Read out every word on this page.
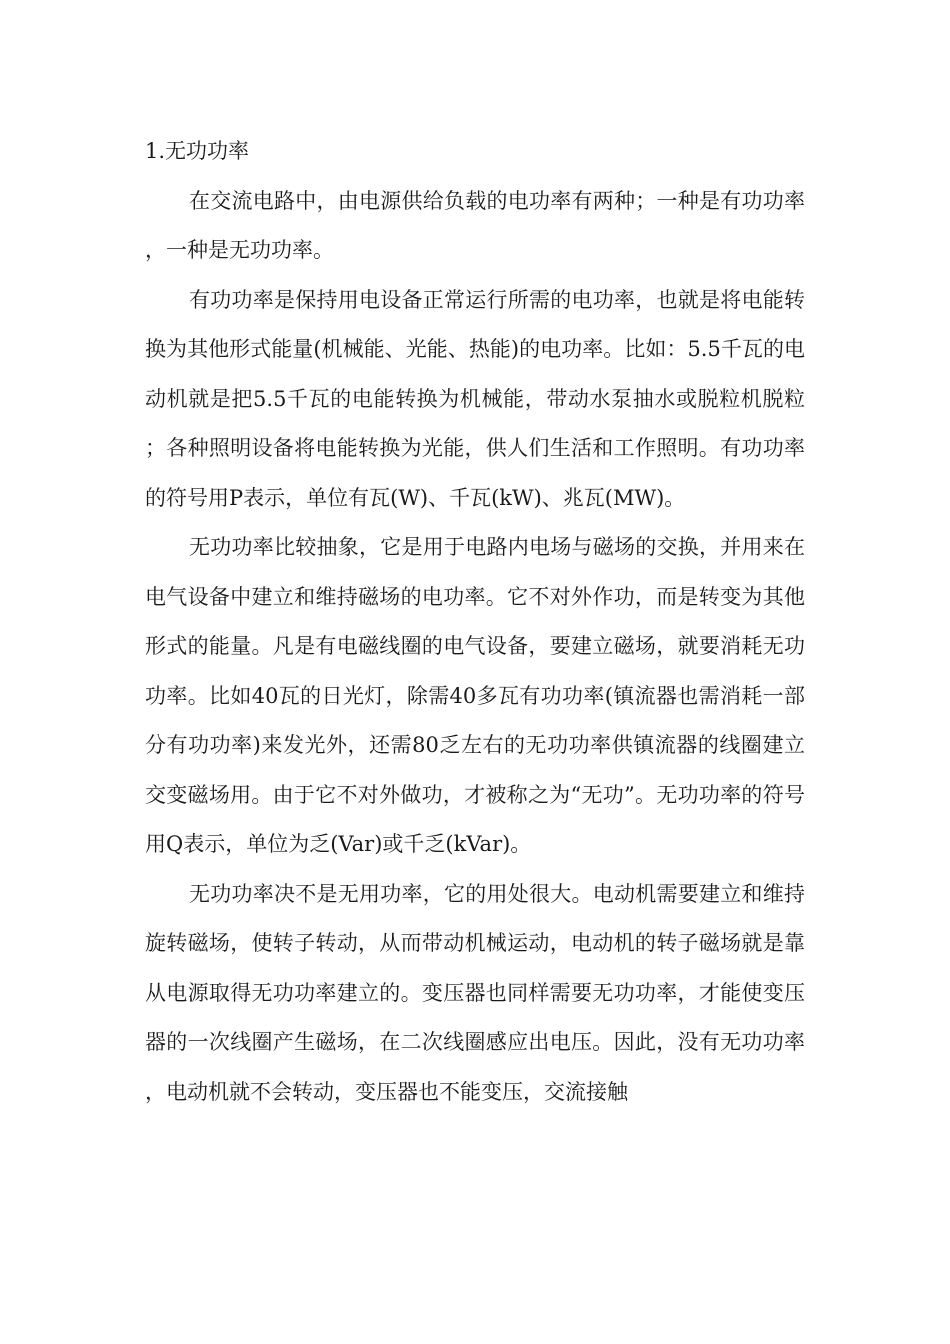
1.无功功率

在交流电路中，由电源供给负载的电功率有两种；一种是有功功率，一种是无功功率。

有功功率是保持用电设备正常运行所需的电功率，也就是将电能转换为其他形式能量(机械能、光能、热能)的电功率。比如：5.5千瓦的电动机就是把5.5千瓦的电能转换为机械能，带动水泵抽水或脱粒机脱粒；各种照明设备将电能转换为光能，供人们生活和工作照明。有功功率的符号用P表示，单位有瓦(W)、千瓦(kW)、兆瓦(MW)。

无功功率比较抽象，它是用于电路内电场与磁场的交换，并用来在电气设备中建立和维持磁场的电功率。它不对外作功，而是转变为其他形式的能量。凡是有电磁线圈的电气设备，要建立磁场，就要消耗无功功率。比如40瓦的日光灯，除需40多瓦有功功率(镇流器也需消耗一部分有功功率)来发光外，还需80乏左右的无功功率供镇流器的线圈建立交变磁场用。由于它不对外做功，才被称之为“无功”。无功功率的符号用Q表示，单位为乏(Var)或千乏(kVar)。

无功功率决不是无用功率，它的用处很大。电动机需要建立和维持旋转磁场，使转子转动，从而带动机械运动，电动机的转子磁场就是靠从电源取得无功功率建立的。变压器也同样需要无功功率，才能使变压器的一次线圈产生磁场，在二次线圈感应出电压。因此，没有无功功率，电动机就不会转动，变压器也不能变压，交流接触
